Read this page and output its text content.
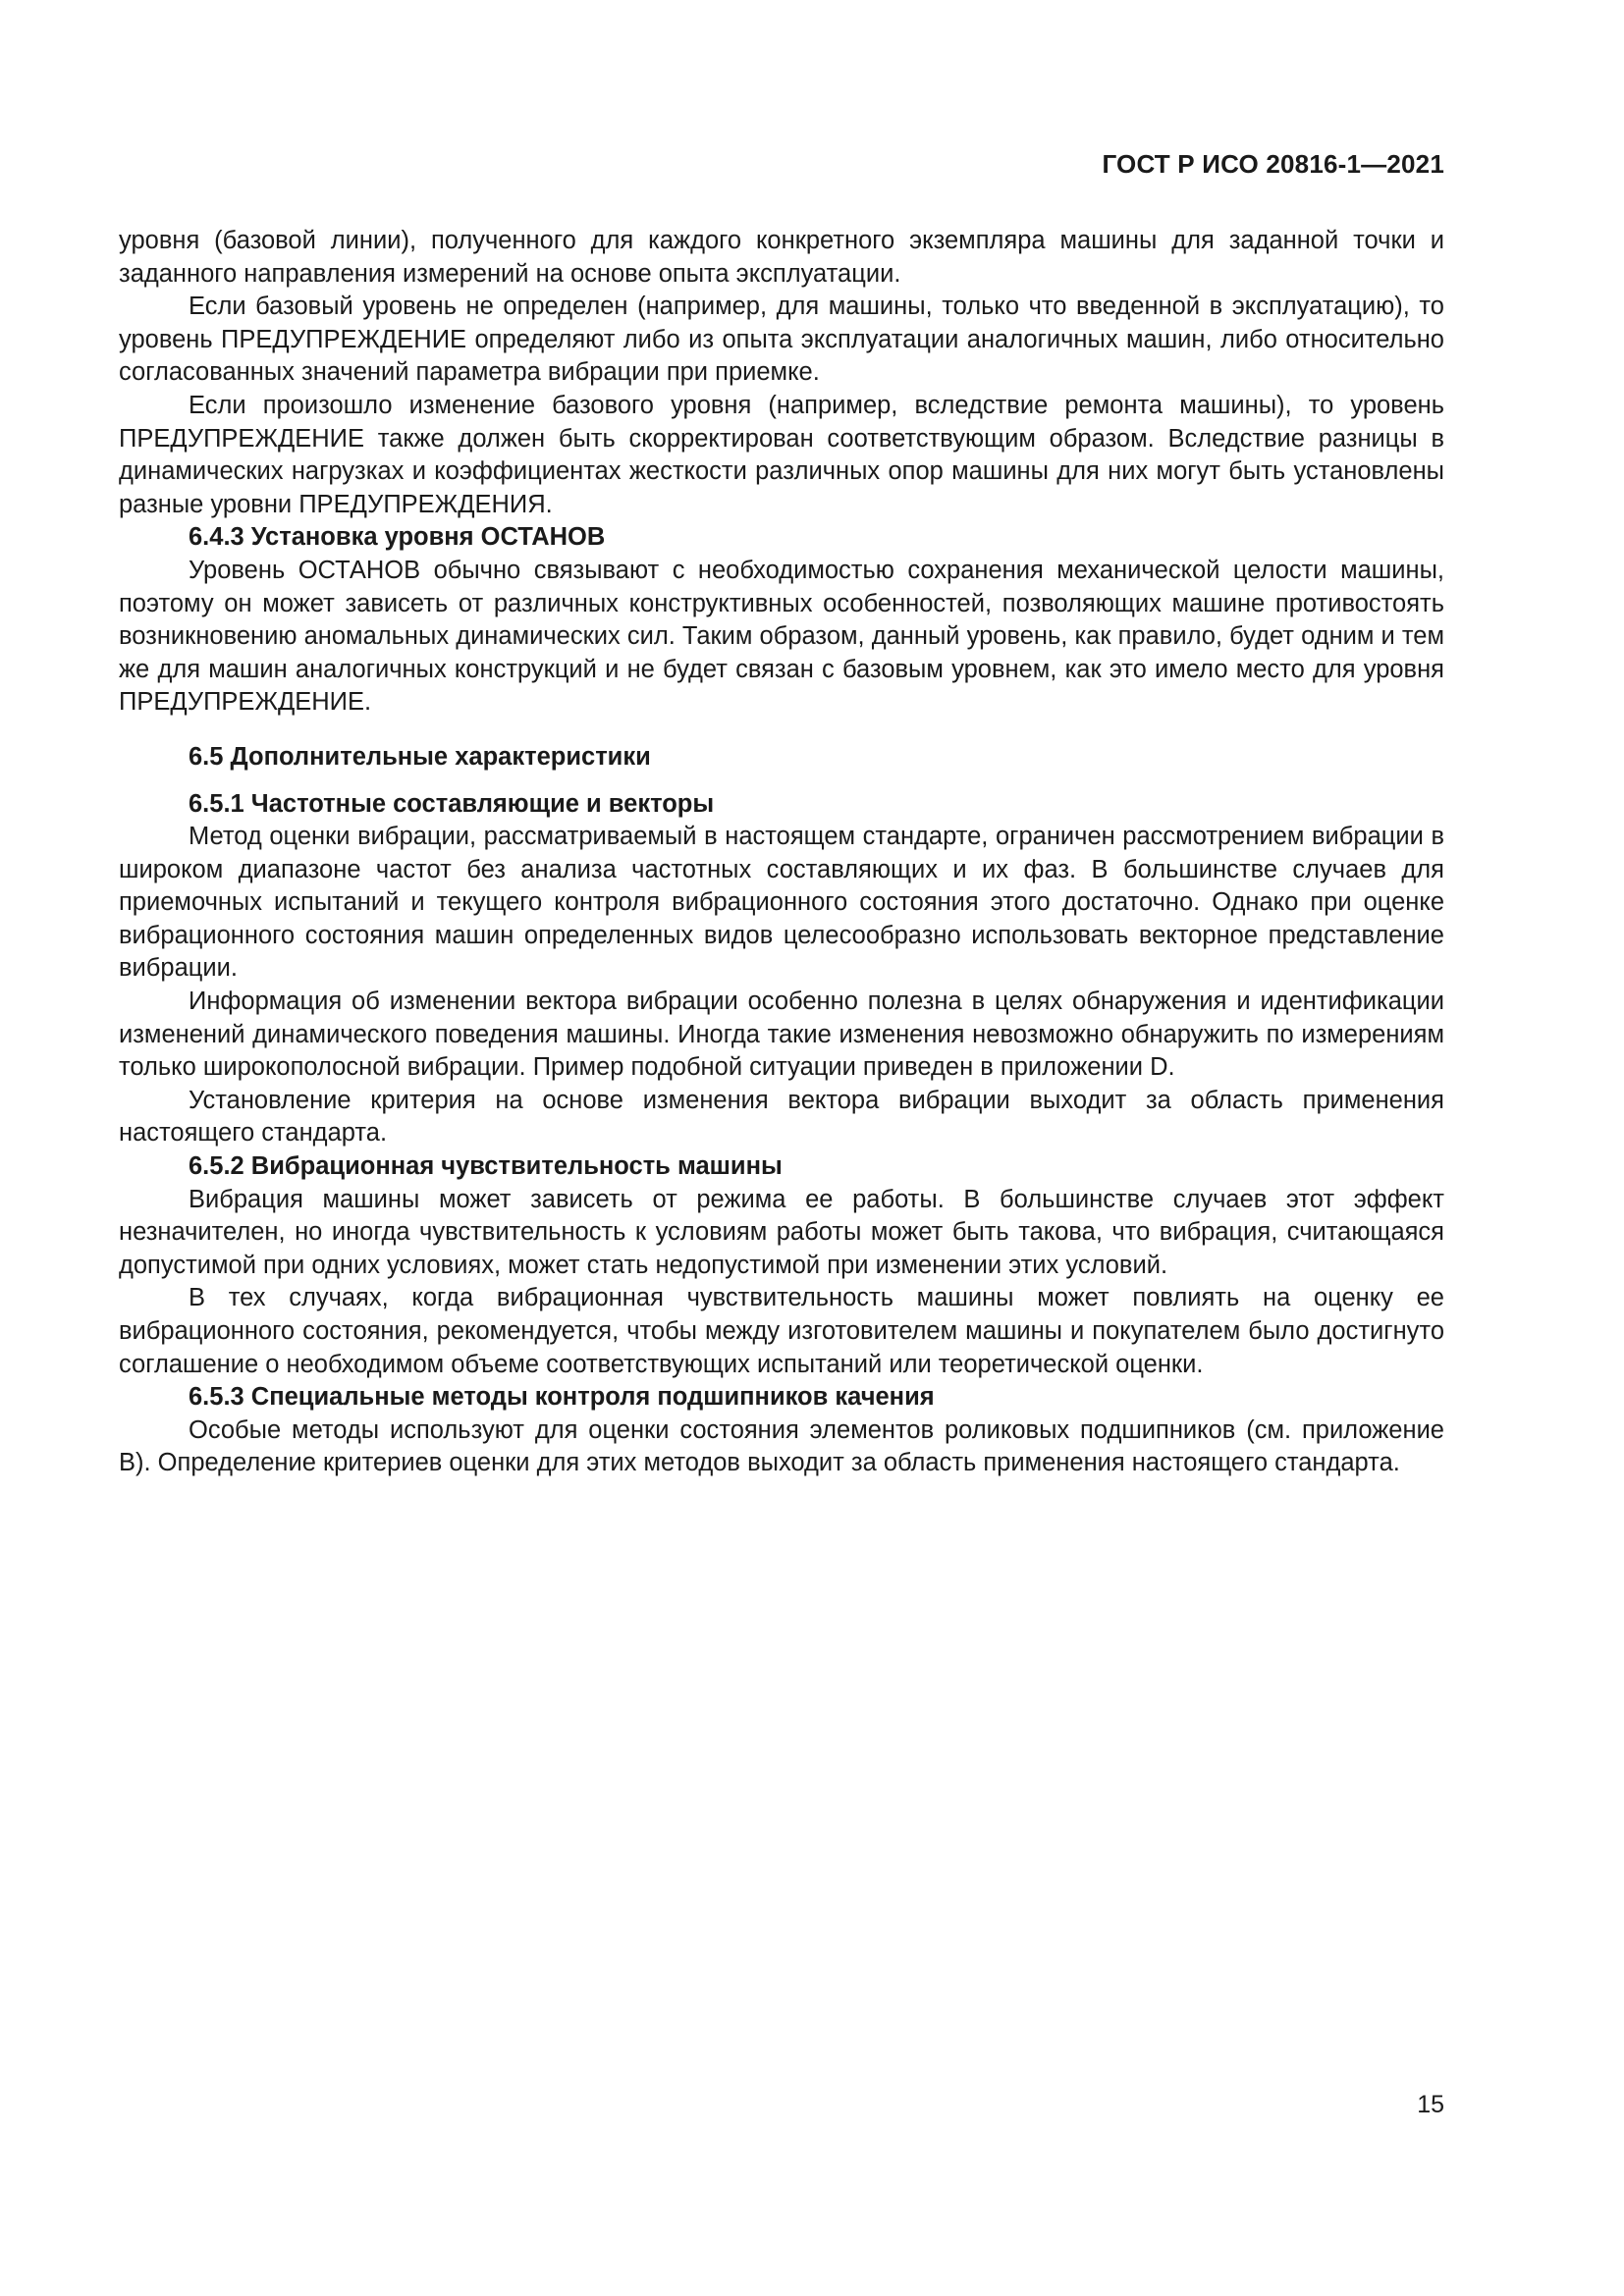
ГОСТ Р ИСО 20816-1—2021

уровня (базовой линии), полученного для каждого конкретного экземпляра машины для заданной точки и заданного направления измерений на основе опыта эксплуатации.

Если базовый уровень не определен (например, для машины, только что введенной в эксплуатацию), то уровень ПРЕДУПРЕЖДЕНИЕ определяют либо из опыта эксплуатации аналогичных машин, либо относительно согласованных значений параметра вибрации при приемке.

Если произошло изменение базового уровня (например, вследствие ремонта машины), то уровень ПРЕДУПРЕЖДЕНИЕ также должен быть скорректирован соответствующим образом. Вследствие разницы в динамических нагрузках и коэффициентах жесткости различных опор машины для них могут быть установлены разные уровни ПРЕДУПРЕЖДЕНИЯ.

6.4.3 Установка уровня ОСТАНОВ

Уровень ОСТАНОВ обычно связывают с необходимостью сохранения механической целости машины, поэтому он может зависеть от различных конструктивных особенностей, позволяющих машине противостоять возникновению аномальных динамических сил. Таким образом, данный уровень, как правило, будет одним и тем же для машин аналогичных конструкций и не будет связан с базовым уровнем, как это имело место для уровня ПРЕДУПРЕЖДЕНИЕ.

6.5 Дополнительные характеристики

6.5.1 Частотные составляющие и векторы

Метод оценки вибрации, рассматриваемый в настоящем стандарте, ограничен рассмотрением вибрации в широком диапазоне частот без анализа частотных составляющих и их фаз. В большинстве случаев для приемочных испытаний и текущего контроля вибрационного состояния этого достаточно. Однако при оценке вибрационного состояния машин определенных видов целесообразно использовать векторное представление вибрации.

Информация об изменении вектора вибрации особенно полезна в целях обнаружения и идентификации изменений динамического поведения машины. Иногда такие изменения невозможно обнаружить по измерениям только широкополосной вибрации. Пример подобной ситуации приведен в приложении D.

Установление критерия на основе изменения вектора вибрации выходит за область применения настоящего стандарта.

6.5.2 Вибрационная чувствительность машины

Вибрация машины может зависеть от режима ее работы. В большинстве случаев этот эффект незначителен, но иногда чувствительность к условиям работы может быть такова, что вибрация, считающаяся допустимой при одних условиях, может стать недопустимой при изменении этих условий.

В тех случаях, когда вибрационная чувствительность машины может повлиять на оценку ее вибрационного состояния, рекомендуется, чтобы между изготовителем машины и покупателем было достигнуто соглашение о необходимом объеме соответствующих испытаний или теоретической оценки.

6.5.3 Специальные методы контроля подшипников качения

Особые методы используют для оценки состояния элементов роликовых подшипников (см. приложение В). Определение критериев оценки для этих методов выходит за область применения настоящего стандарта.

15
